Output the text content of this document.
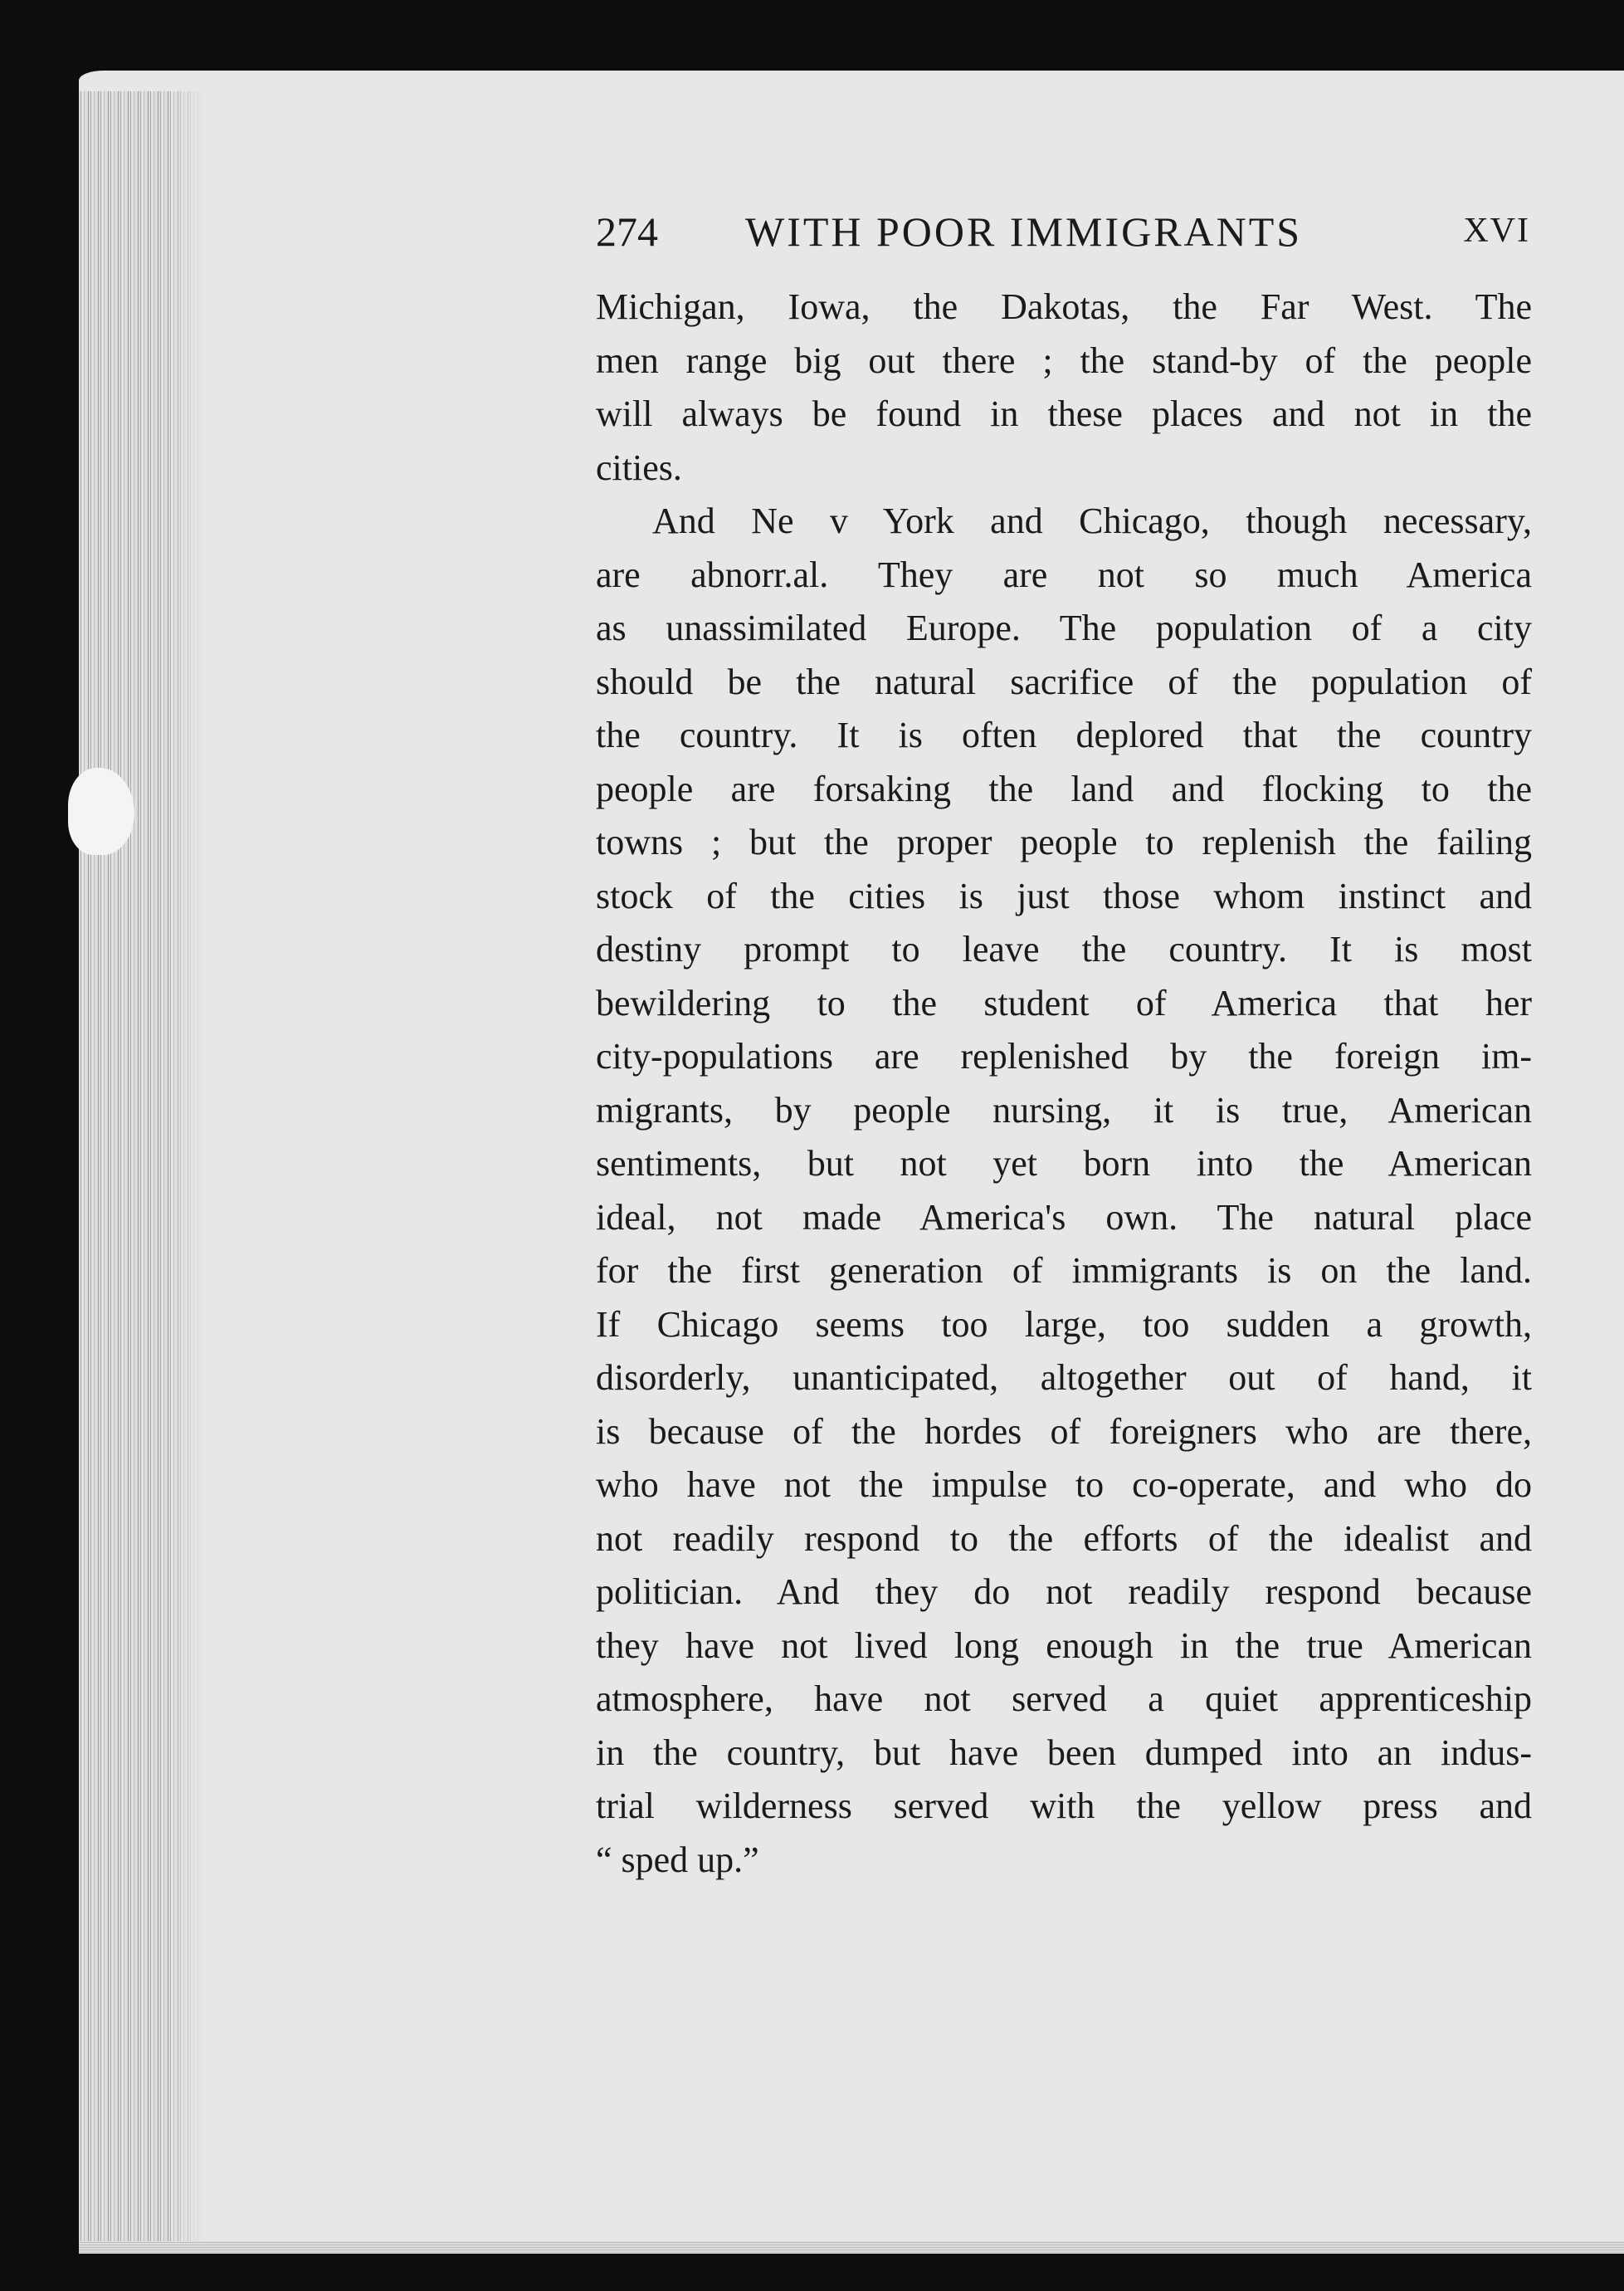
274 WITH POOR IMMIGRANTS	XVI
Michigan, Iowa, the Dakotas, the Far West. The
men range big out there ; the stand-by of the people
will always be found in these places and not in the
cities.
And Ne v York and Chicago, though necessary,
are abnorr.al. They are not so much America
as unassimilated Europe. The population of a city
should be the natural sacrifice of the population of
the country. It is often deplored that the country
people are forsaking the land and flocking to the
towns ; but the proper people to replenish the failing
stock of the cities is just those whom instinct and
destiny prompt to leave the country. It is most
bewildering to the student of America that her
city-populations are replenished by the foreign im-
migrants, by people nursing, it is true, American
sentiments, but not yet born into the American
ideal, not made America's own. The natural place
for the first generation of immigrants is on the land.
If Chicago seems too large, too sudden a growth,
disorderly, unanticipated, altogether out of hand, it
is because of the hordes of foreigners who are there,
who have not the impulse to co-operate, and who do
not readily respond to the efforts of the idealist and
politician. And they do not readily respond because
they have not lived long enough in the true American
atmosphere, have not served a quiet apprenticeship
in the country, but have been dumped into an indus-
trial wilderness served with the yellow press and
“ sped up.”
